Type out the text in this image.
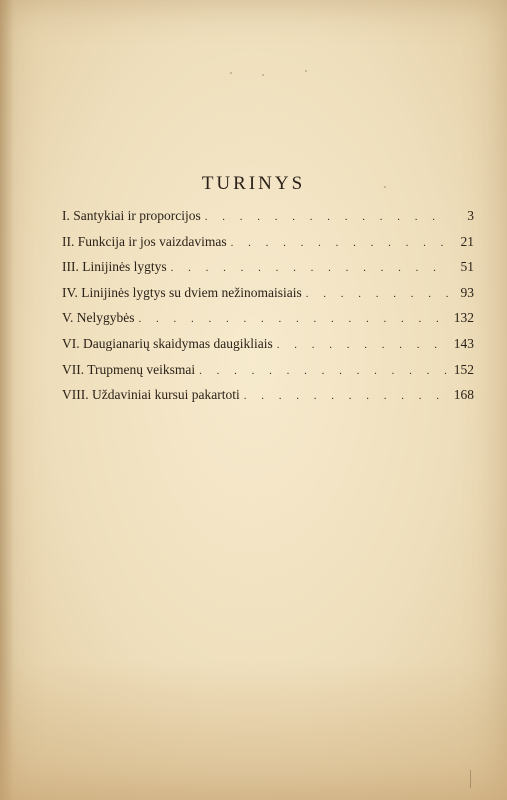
TURINYS
I. Santykiai ir proporcijos . . .	3
II. Funkcija ir jos vaizdavimas . . .	21
III. Linijinės lygtys . . .	51
IV. Linijinės lygtys su dviem nežinomaisiais . . .	93
V. Nelygybės . . .	132
VI. Daugianarių skaidymas daugikliais . . .	143
VII. Trupmenų veiksmai . . .	152
VIII. Uždaviniai kursui pakartoti . . .	168
